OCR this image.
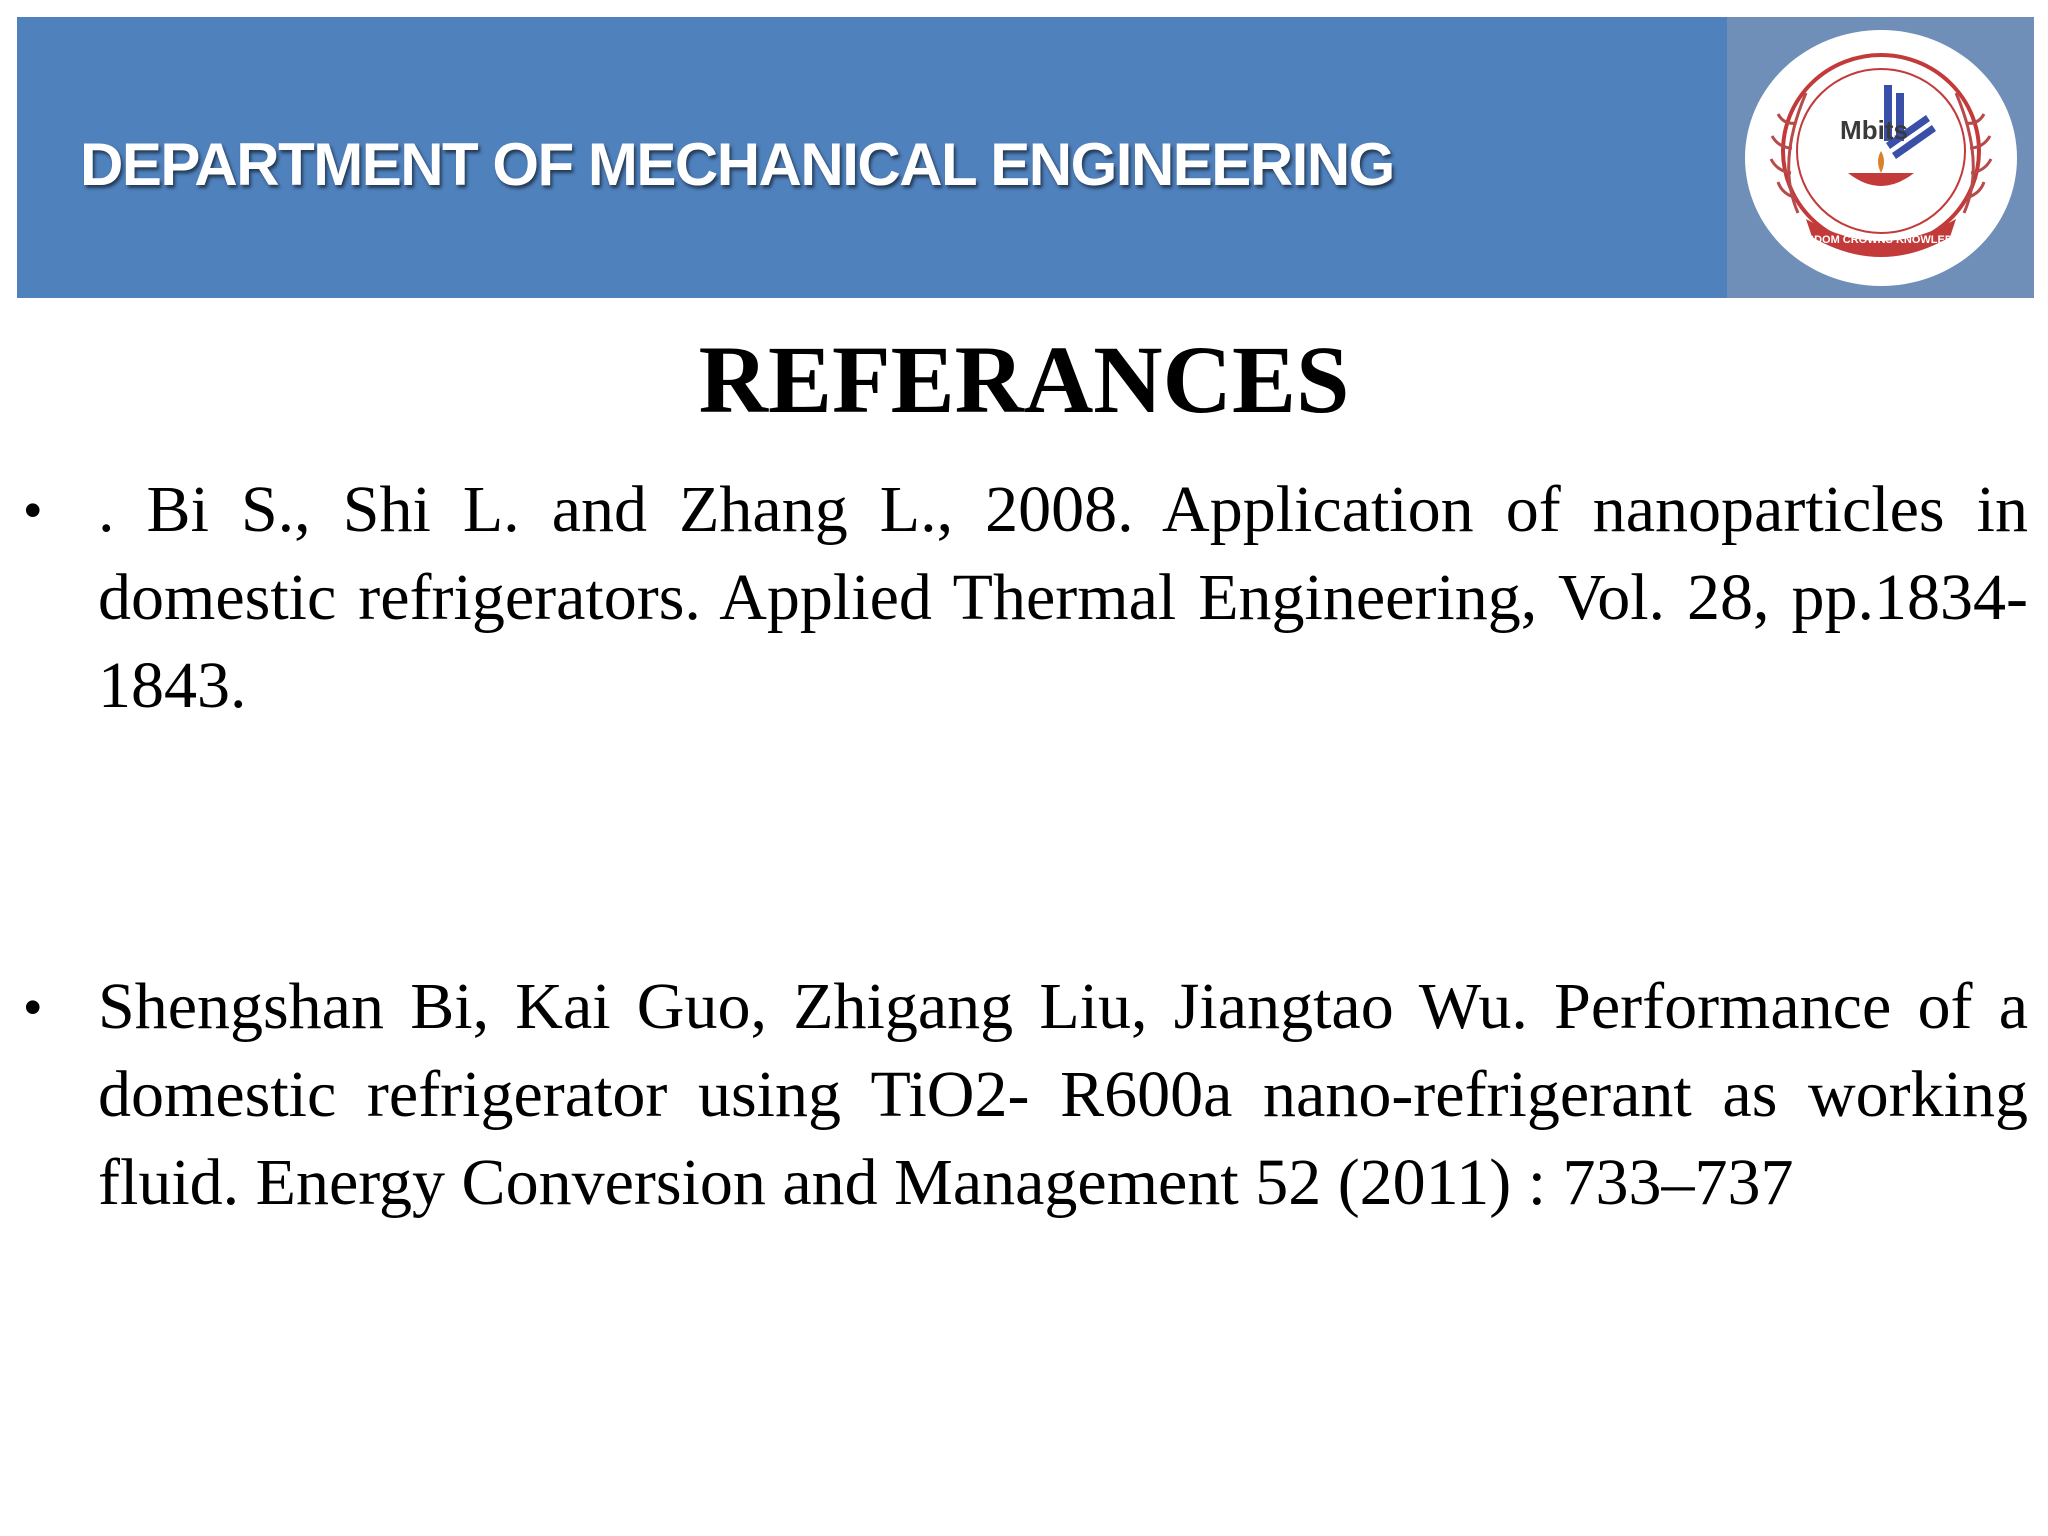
DEPARTMENT OF MECHANICAL ENGINEERING
Mbits
WISDOM CROWNS KNOWLEDGE
REFERANCES
• . Bi S., Shi L. and Zhang L., 2008. Application of nanoparticles in domestic refrigerators. Applied Thermal Engineering, Vol. 28, pp.1834-1843.
• Shengshan Bi, Kai Guo, Zhigang Liu, Jiangtao Wu. Performance of a domestic refrigerator using TiO2- R600a nano-refrigerant as working fluid. Energy Conversion and Management 52 (2011) : 733–737
